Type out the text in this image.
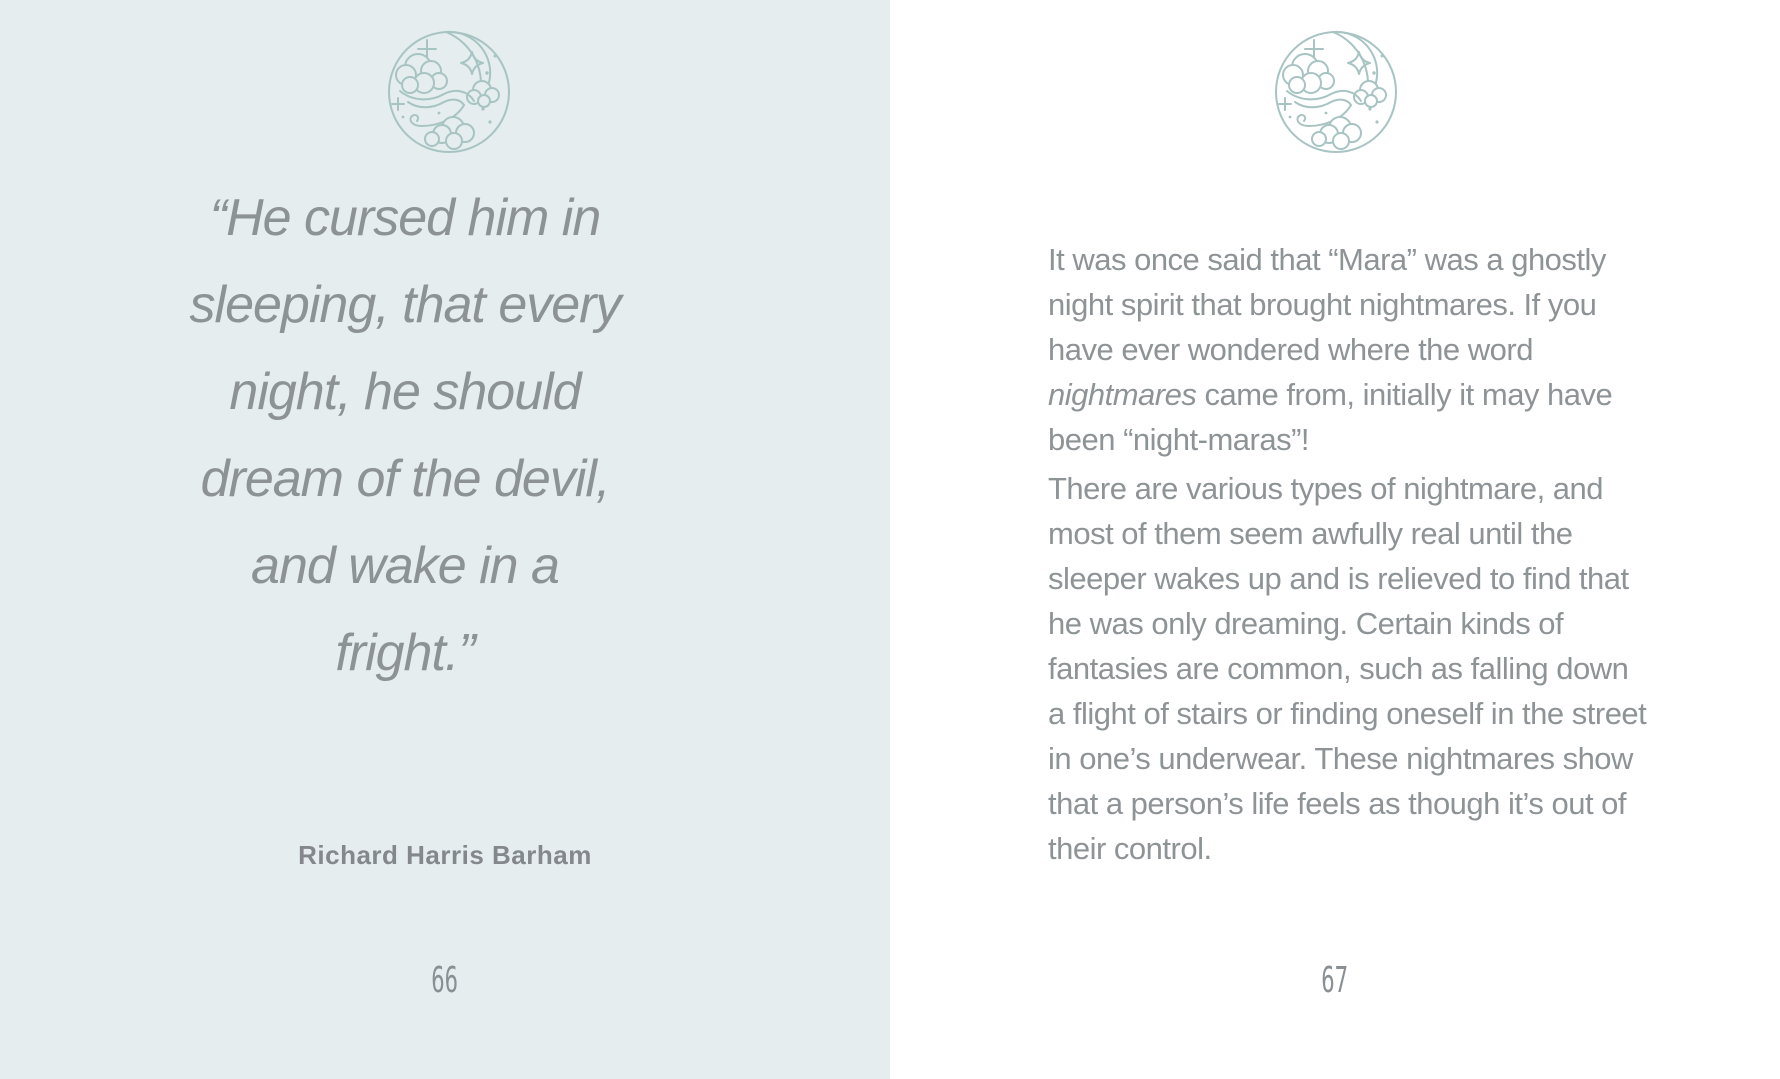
“He cursed him in
sleeping, that every
night, he should
dream of the devil,
and wake in a
fright.”
Richard Harris Barham
66

It was once said that “Mara” was a ghostly night spirit that brought nightmares. If you have ever wondered where the word nightmares came from, initially it may have been “night-maras”!

There are various types of nightmare, and most of them seem awfully real until the sleeper wakes up and is relieved to find that he was only dreaming. Certain kinds of fantasies are common, such as falling down a flight of stairs or finding oneself in the street in one’s underwear. These nightmares show that a person’s life feels as though it’s out of their control.

67
